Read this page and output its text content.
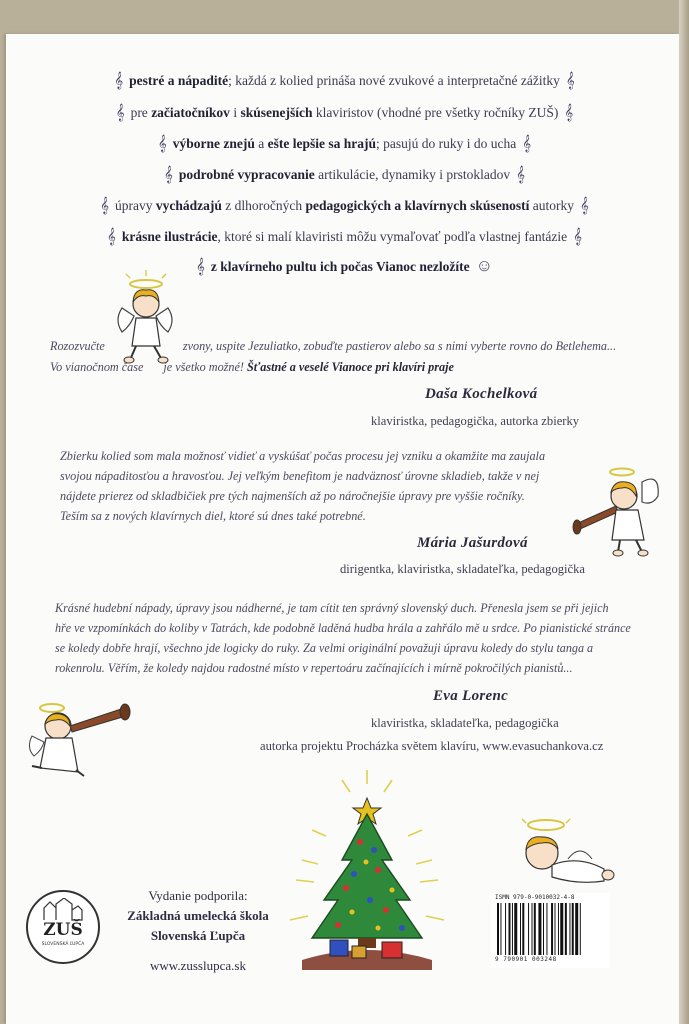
𝄞 pestré a nápadité; každá z kolied prináša nové zvukové a interpretačné zážitky 𝄞
𝄞 pre začiatočníkov i skúsenejších klaviristov (vhodné pre všetky ročníky ZUŠ) 𝄞
𝄞 výborne znejú a ešte lepšie sa hrajú; pasujú do ruky i do ucha 𝄞
𝄞 podrobné vypracovanie artikulácie, dynamiky i prstokladov 𝄞
𝄞 úpravy vychádzajú z dlhoročných pedagogických a klavírnych skúseností autorky 𝄞
𝄞 krásne ilustrácie, ktoré si malí klaviristi môžu vymaľovať podľa vlastnej fantázie 𝄞
𝄞 z klavírneho pultu ich počas Vianoc nezložíte ☺
Rozozvučte	zvony, uspite Jezuliatko, zobuďte pastierov alebo sa s nimi vyberte rovno do Betlehema...
Vo vianočnom čase je všetko možné! Šťastné a veselé Vianoce pri klavíri praje
Daša Kochelková
klaviristka, pedagogička, autorka zbierky
Zbierku kolied som mala možnosť vidieť a vyskúšať počas procesu jej vzniku a okamžite ma zaujala
svojou nápaditosťou a hravosťou. Jej veľkým benefitom je nadväznosť úrovne skladieb, takže v nej
nájdete prierez od skladbičiek pre tých najmenších až po náročnejšie úpravy pre vyššie ročníky.
Teším sa z nových klavírnych diel, ktoré sú dnes také potrebné.
Mária Jašurdová
dirigentka, klaviristka, skladateľka, pedagogička
Krásné hudební nápady, úpravy jsou nádherné, je tam cítit ten správný slovenský duch. Přenesla jsem se při jejich
hře ve vzpomínkách do koliby v Tatrách, kde podobně laděná hudba hrála a zahřálo mě u srdce. Po pianistické stránce
se koledy dobře hrají, všechno jde logicky do ruky. Za velmi originální považuji úpravu koledy do stylu tanga a
rokenrolu. Věřím, že koledy najdou radostné místo v repertoáru začínajících i mírně pokročilých pianistů...
Eva Lorenc
klaviristka, skladateľka, pedagogička
autorka projektu Procházka světem klavíru, www.evasuchankova.cz
ZUŠ
SLOVENSKÁ ĽUPČA
Vydanie podporila:
Základná umelecká škola
Slovenská Ľupča
www.zusslupca.sk
ISMN 979-0-9010032-4-8
9 790901 003248
